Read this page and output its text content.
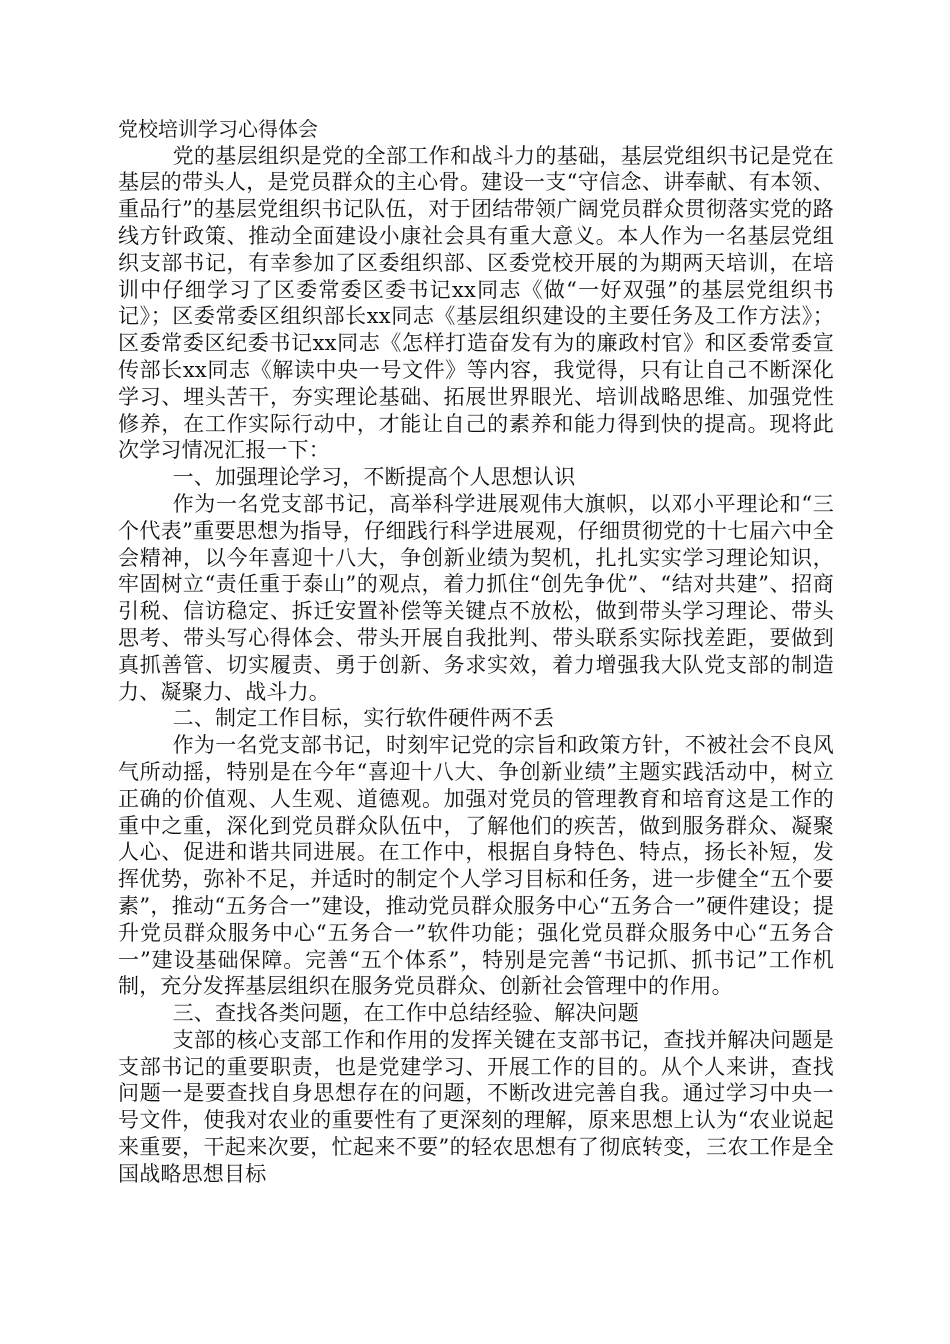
党校培训学习心得体会

党的基层组织是党的全部工作和战斗力的基础，基层党组织书记是党在基层的带头人，是党员群众的主心骨。建设一支“守信念、讲奉献、有本领、重品行”的基层党组织书记队伍，对于团结带领广阔党员群众贯彻落实党的路线方针政策、推动全面建设小康社会具有重大意义。本人作为一名基层党组织支部书记，有幸参加了区委组织部、区委党校开展的为期两天培训，在培训中仔细学习了区委常委区委书记xx同志《做“一好双强”的基层党组织书记》；区委常委区组织部长xx同志《基层组织建设的主要任务及工作方法》；区委常委区纪委书记xx同志《怎样打造奋发有为的廉政村官》和区委常委宣传部长xx同志《解读中央一号文件》等内容，我觉得，只有让自己不断深化学习、埋头苦干，夯实理论基础、拓展世界眼光、培训战略思维、加强党性修养，在工作实际行动中，才能让自己的素养和能力得到快的提高。现将此次学习情况汇报一下：

一、加强理论学习，不断提高个人思想认识

作为一名党支部书记，高举科学进展观伟大旗帜，以邓小平理论和“三个代表”重要思想为指导，仔细践行科学进展观，仔细贯彻党的十七届六中全会精神，以今年喜迎十八大，争创新业绩为契机，扎扎实实学习理论知识，牢固树立“责任重于泰山”的观点，着力抓住“创先争优”、“结对共建”、招商引税、信访稳定、拆迁安置补偿等关键点不放松，做到带头学习理论、带头思考、带头写心得体会、带头开展自我批判、带头联系实际找差距，要做到真抓善管、切实履责、勇于创新、务求实效，着力增强我大队党支部的制造力、凝聚力、战斗力。

二、制定工作目标，实行软件硬件两不丢

作为一名党支部书记，时刻牢记党的宗旨和政策方针，不被社会不良风气所动摇，特别是在今年“喜迎十八大、争创新业绩”主题实践活动中，树立正确的价值观、人生观、道德观。加强对党员的管理教育和培育这是工作的重中之重，深化到党员群众队伍中，了解他们的疾苦，做到服务群众、凝聚人心、促进和谐共同进展。在工作中，根据自身特色、特点，扬长补短，发挥优势，弥补不足，并适时的制定个人学习目标和任务，进一步健全“五个要素”，推动“五务合一”建设，推动党员群众服务中心“五务合一”硬件建设；提升党员群众服务中心“五务合一”软件功能；强化党员群众服务中心“五务合一”建设基础保障。完善“五个体系”，特别是完善“书记抓、抓书记”工作机制，充分发挥基层组织在服务党员群众、创新社会管理中的作用。

三、查找各类问题，在工作中总结经验、解决问题

支部的核心支部工作和作用的发挥关键在支部书记，查找并解决问题是支部书记的重要职责，也是党建学习、开展工作的目的。从个人来讲，查找问题一是要查找自身思想存在的问题，不断改进完善自我。通过学习中央一号文件，使我对农业的重要性有了更深刻的理解，原来思想上认为“农业说起来重要，干起来次要，忙起来不要”的轻农思想有了彻底转变，三农工作是全国战略思想目标
